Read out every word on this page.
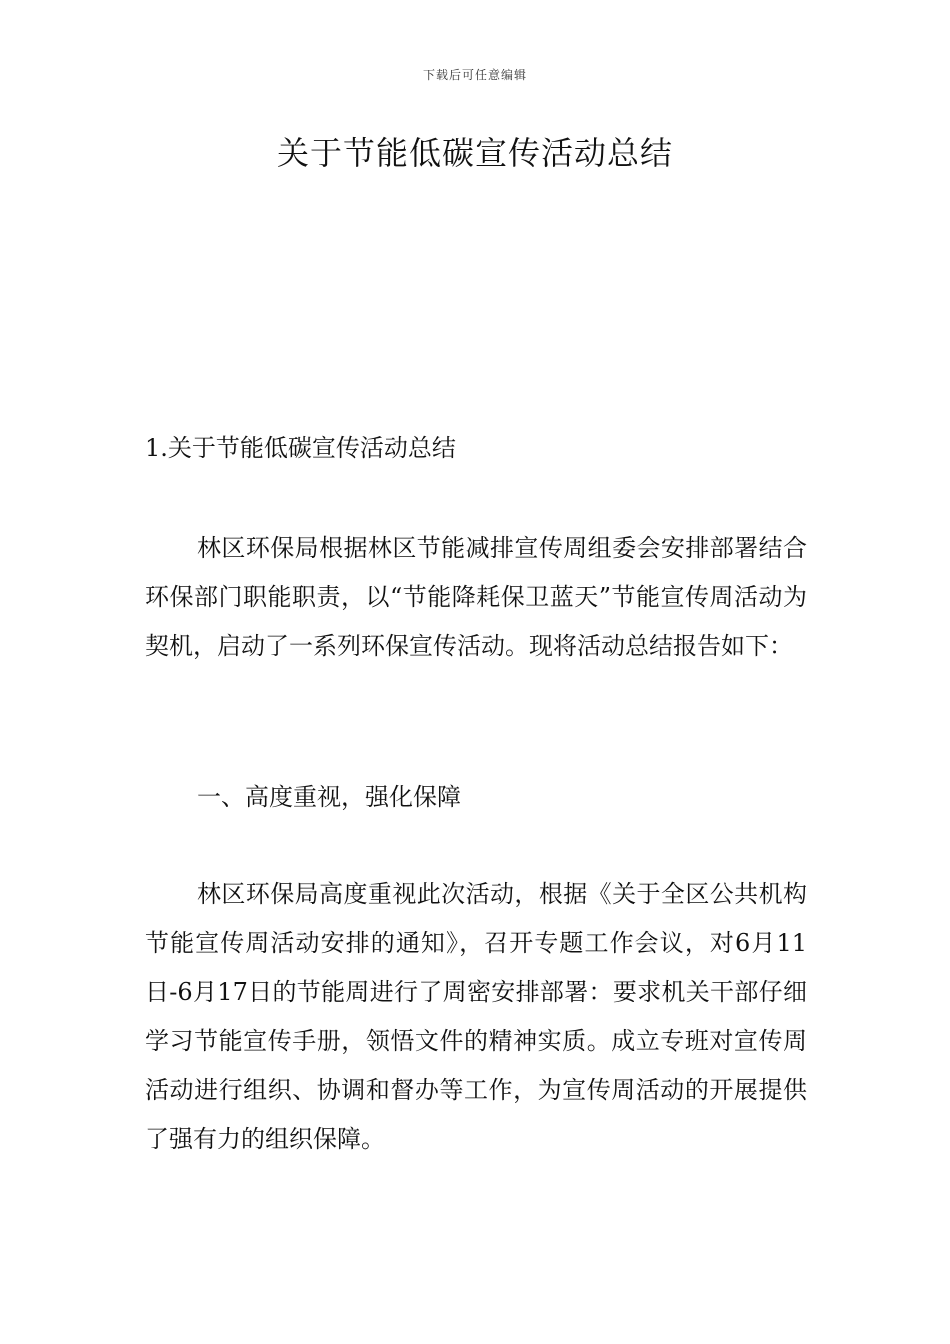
下载后可任意编辑
关于节能低碳宣传活动总结

1.关于节能低碳宣传活动总结

林区环保局根据林区节能减排宣传周组委会安排部署结合环保部门职能职责，以“节能降耗保卫蓝天”节能宣传周活动为契机，启动了一系列环保宣传活动。现将活动总结报告如下：

一、高度重视，强化保障

林区环保局高度重视此次活动，根据《关于全区公共机构节能宣传周活动安排的通知》，召开专题工作会议，对6月11日-6月17日的节能周进行了周密安排部署：要求机关干部仔细学习节能宣传手册，领悟文件的精神实质。成立专班对宣传周活动进行组织、协调和督办等工作，为宣传周活动的开展提供了强有力的组织保障。
